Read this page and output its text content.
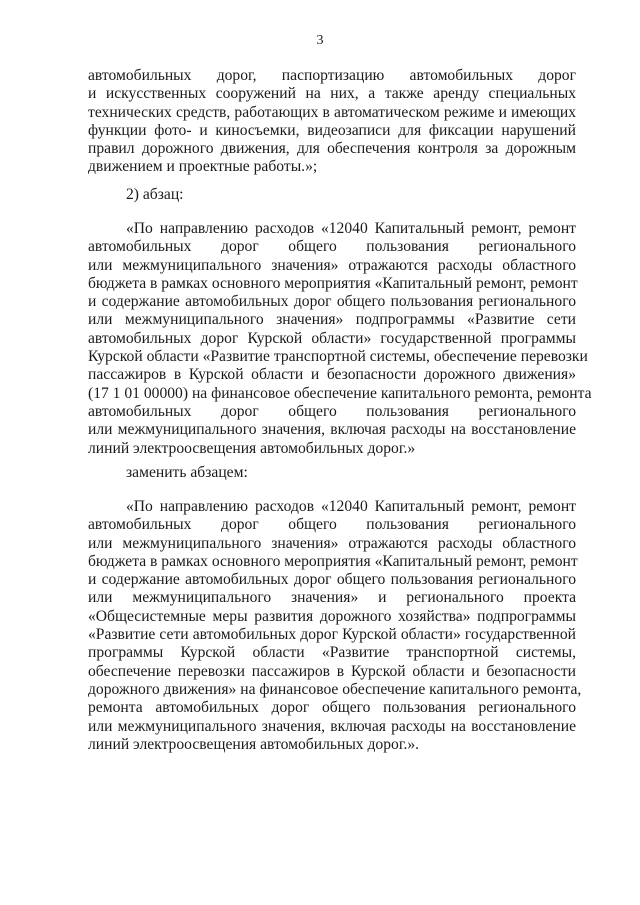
3
автомобильных дорог, паспортизацию автомобильных дорог
и искусственных сооружений на них, а также аренду специальных
технических средств, работающих в автоматическом режиме и имеющих
функции фото- и киносъемки, видеозаписи для фиксации нарушений
правил дорожного движения, для обеспечения контроля за дорожным
движением и проектные работы.»;
2) абзац:
«По направлению расходов «12040 Капитальный ремонт, ремонт
автомобильных дорог общего пользования регионального
или межмуниципального значения» отражаются расходы областного
бюджета в рамках основного мероприятия «Капитальный ремонт, ремонт
и содержание автомобильных дорог общего пользования регионального
или межмуниципального значения» подпрограммы «Развитие сети
автомобильных дорог Курской области» государственной программы
Курской области «Развитие транспортной системы, обеспечение перевозки
пассажиров в Курской области и безопасности дорожного движения»
(17 1 01 00000) на финансовое обеспечение капитального ремонта, ремонта
автомобильных дорог общего пользования регионального
или межмуниципального значения, включая расходы на восстановление
линий электроосвещения автомобильных дорог.»
заменить абзацем:
«По направлению расходов «12040 Капитальный ремонт, ремонт
автомобильных дорог общего пользования регионального
или межмуниципального значения» отражаются расходы областного
бюджета в рамках основного мероприятия «Капитальный ремонт, ремонт
и содержание автомобильных дорог общего пользования регионального
или межмуниципального значения» и регионального проекта
«Общесистемные меры развития дорожного хозяйства» подпрограммы
«Развитие сети автомобильных дорог Курской области» государственной
программы Курской области «Развитие транспортной системы,
обеспечение перевозки пассажиров в Курской области и безопасности
дорожного движения» на финансовое обеспечение капитального ремонта,
ремонта автомобильных дорог общего пользования регионального
или межмуниципального значения, включая расходы на восстановление
линий электроосвещения автомобильных дорог.».
